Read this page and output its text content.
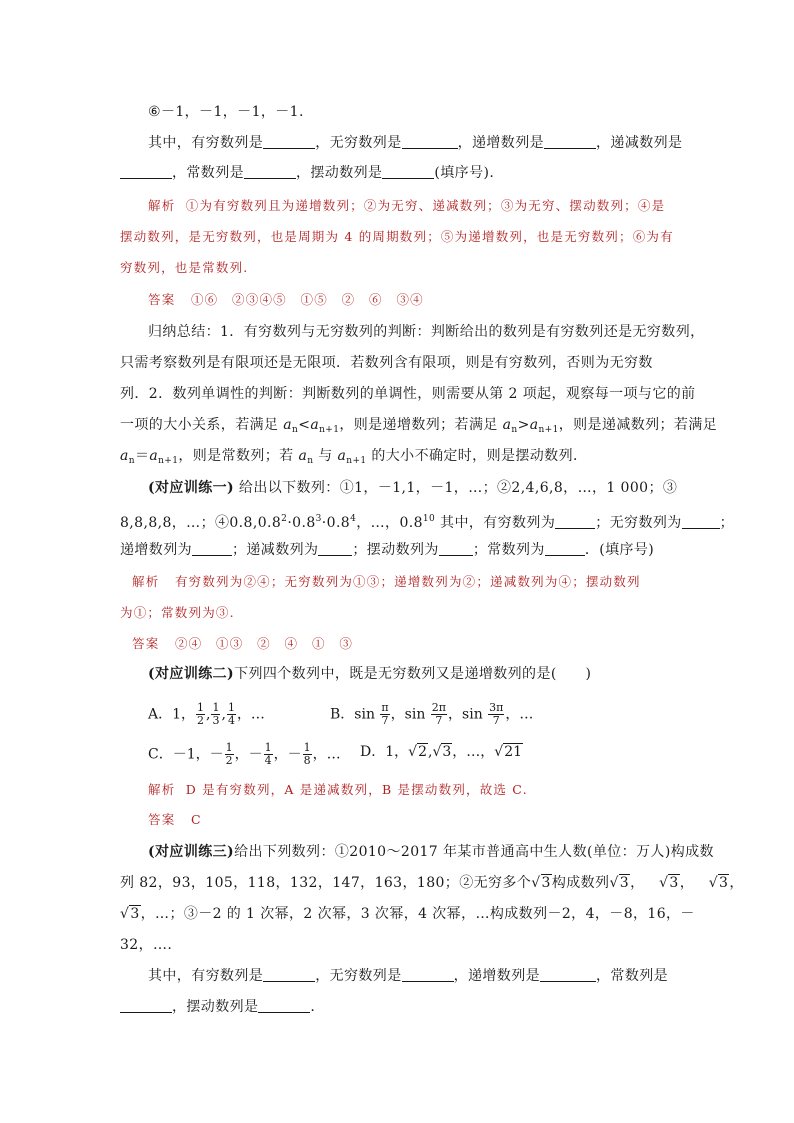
⑥－1，－1，－1，－1.
其中，有穷数列是	，无穷数列是	，递增数列是	，递减数列是
，常数列是	，摆动数列是	(填序号).
解析 ①为有穷数列且为递增数列；②为无穷、递减数列；③为无穷、摆动数列；④是
摆动数列，是无穷数列，也是周期为 4 的周期数列；⑤为递增数列，也是无穷数列；⑥为有
穷数列，也是常数列.
答案 ①⑥　②③④⑤　①⑤　②　⑥　③④
归纳总结：1．有穷数列与无穷数列的判断：判断给出的数列是有穷数列还是无穷数列，
只需考察数列是有限项还是无限项．若数列含有限项，则是有穷数列，否则为无穷数
列．2．数列单调性的判断：判断数列的单调性，则需要从第 2 项起，观察每一项与它的前
一项的大小关系，若满足 $a_n<a_{n+1}$，则是递增数列；若满足 $a_n>a_{n+1}$，则是递减数列；若满足
$a_n=a_{n+1}$，则是常数列；若 $a_n$ 与 $a_{n+1}$ 的大小不确定时，则是摆动数列．
(对应训练一) 给出以下数列：①1，－1,1，－1，…；②2,4,6,8，…，1 000；③
8,8,8,8，…；$④0.8,0.8^2\cdot 0.8^3\cdot 0.8^4$，…，$0.8^{10}$ 其中，有穷数列为	；无穷数列为	；
递增数列为	；递减数列为 ；摆动数列为 ；常数列为	．(填序号)
解析 有穷数列为②④；无穷数列为①③；递增数列为②；递减数列为④；摆动数列
为①；常数列为③.
答案 ②④　①③　②　④　①　③
(对应训练二)下列四个数列中，既是无穷数列又是递增数列的是(　　)
A．1， $\frac{1}{2}$ , $\frac{1}{3}$ , $\frac{1}{4}$ ，…	B．$\sin \frac{\pi}{7}$ ，$\sin \frac{2\pi}{7}$ ，$\sin \frac{3\pi}{7}$ ，…
C．－1，－ $\frac{1}{2}$ ，－ $\frac{1}{4}$ ，－ $\frac{1}{8}$ ，… D．1，√2,√3，…，√21
解析 D 是有穷数列，A 是递减数列，B 是摆动数列，故选 C.
答案 C
(对应训练三)给出下列数列：①2010～2017 年某市普通高中生人数(单位：万人)构成数
列 82，93，105，118，132，147，163，180；②无穷多个√3构成数列√3， √3， √3，
√3，…；③－2 的 1 次幂，2 次幂，3 次幂，4 次幂，…构成数列－2，4，－8，16，－
32，….
其中，有穷数列是	，无穷数列是	，递增数列是	，常数列是
，摆动数列是	.
